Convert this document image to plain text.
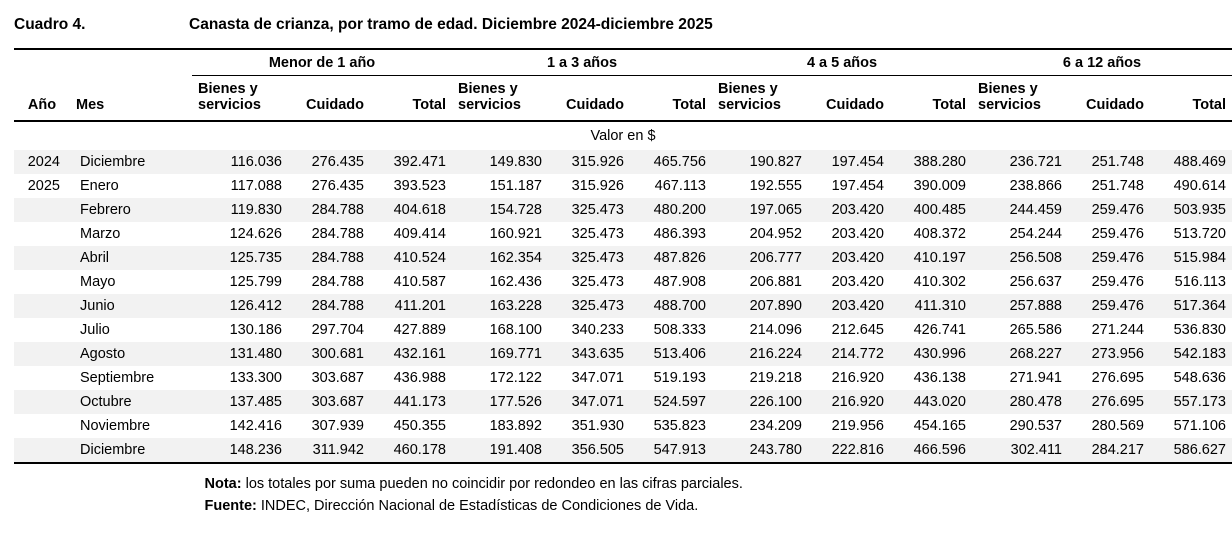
Cuadro 4.	Canasta de crianza, por tramo de edad. Diciembre 2024-diciembre 2025
		Menor de 1 año			1 a 3 años			4 a 5 años			6 a 12 años		
Año	Mes	Bienes y servicios	Cuidado	Total	Bienes y servicios	Cuidado	Total	Bienes y servicios	Cuidado	Total	Bienes y servicios	Cuidado	Total
Valor en $													
2024	Diciembre	116.036	276.435	392.471	149.830	315.926	465.756	190.827	197.454	388.280	236.721	251.748	488.469
2025	Enero	117.088	276.435	393.523	151.187	315.926	467.113	192.555	197.454	390.009	238.866	251.748	490.614
	Febrero	119.830	284.788	404.618	154.728	325.473	480.200	197.065	203.420	400.485	244.459	259.476	503.935
	Marzo	124.626	284.788	409.414	160.921	325.473	486.393	204.952	203.420	408.372	254.244	259.476	513.720
	Abril	125.735	284.788	410.524	162.354	325.473	487.826	206.777	203.420	410.197	256.508	259.476	515.984
	Mayo	125.799	284.788	410.587	162.436	325.473	487.908	206.881	203.420	410.302	256.637	259.476	516.113
	Junio	126.412	284.788	411.201	163.228	325.473	488.700	207.890	203.420	411.310	257.888	259.476	517.364
	Julio	130.186	297.704	427.889	168.100	340.233	508.333	214.096	212.645	426.741	265.586	271.244	536.830
	Agosto	131.480	300.681	432.161	169.771	343.635	513.406	216.224	214.772	430.996	268.227	273.956	542.183
	Septiembre	133.300	303.687	436.988	172.122	347.071	519.193	219.218	216.920	436.138	271.941	276.695	548.636
	Octubre	137.485	303.687	441.173	177.526	347.071	524.597	226.100	216.920	443.020	280.478	276.695	557.173
	Noviembre	142.416	307.939	450.355	183.892	351.930	535.823	234.209	219.956	454.165	290.537	280.569	571.106
	Diciembre	148.236	311.942	460.178	191.408	356.505	547.913	243.780	222.816	466.596	302.411	284.217	586.627
Nota: los totales por suma pueden no coincidir por redondeo en las cifras parciales.
Fuente: INDEC, Dirección Nacional de Estadísticas de Condiciones de Vida.
